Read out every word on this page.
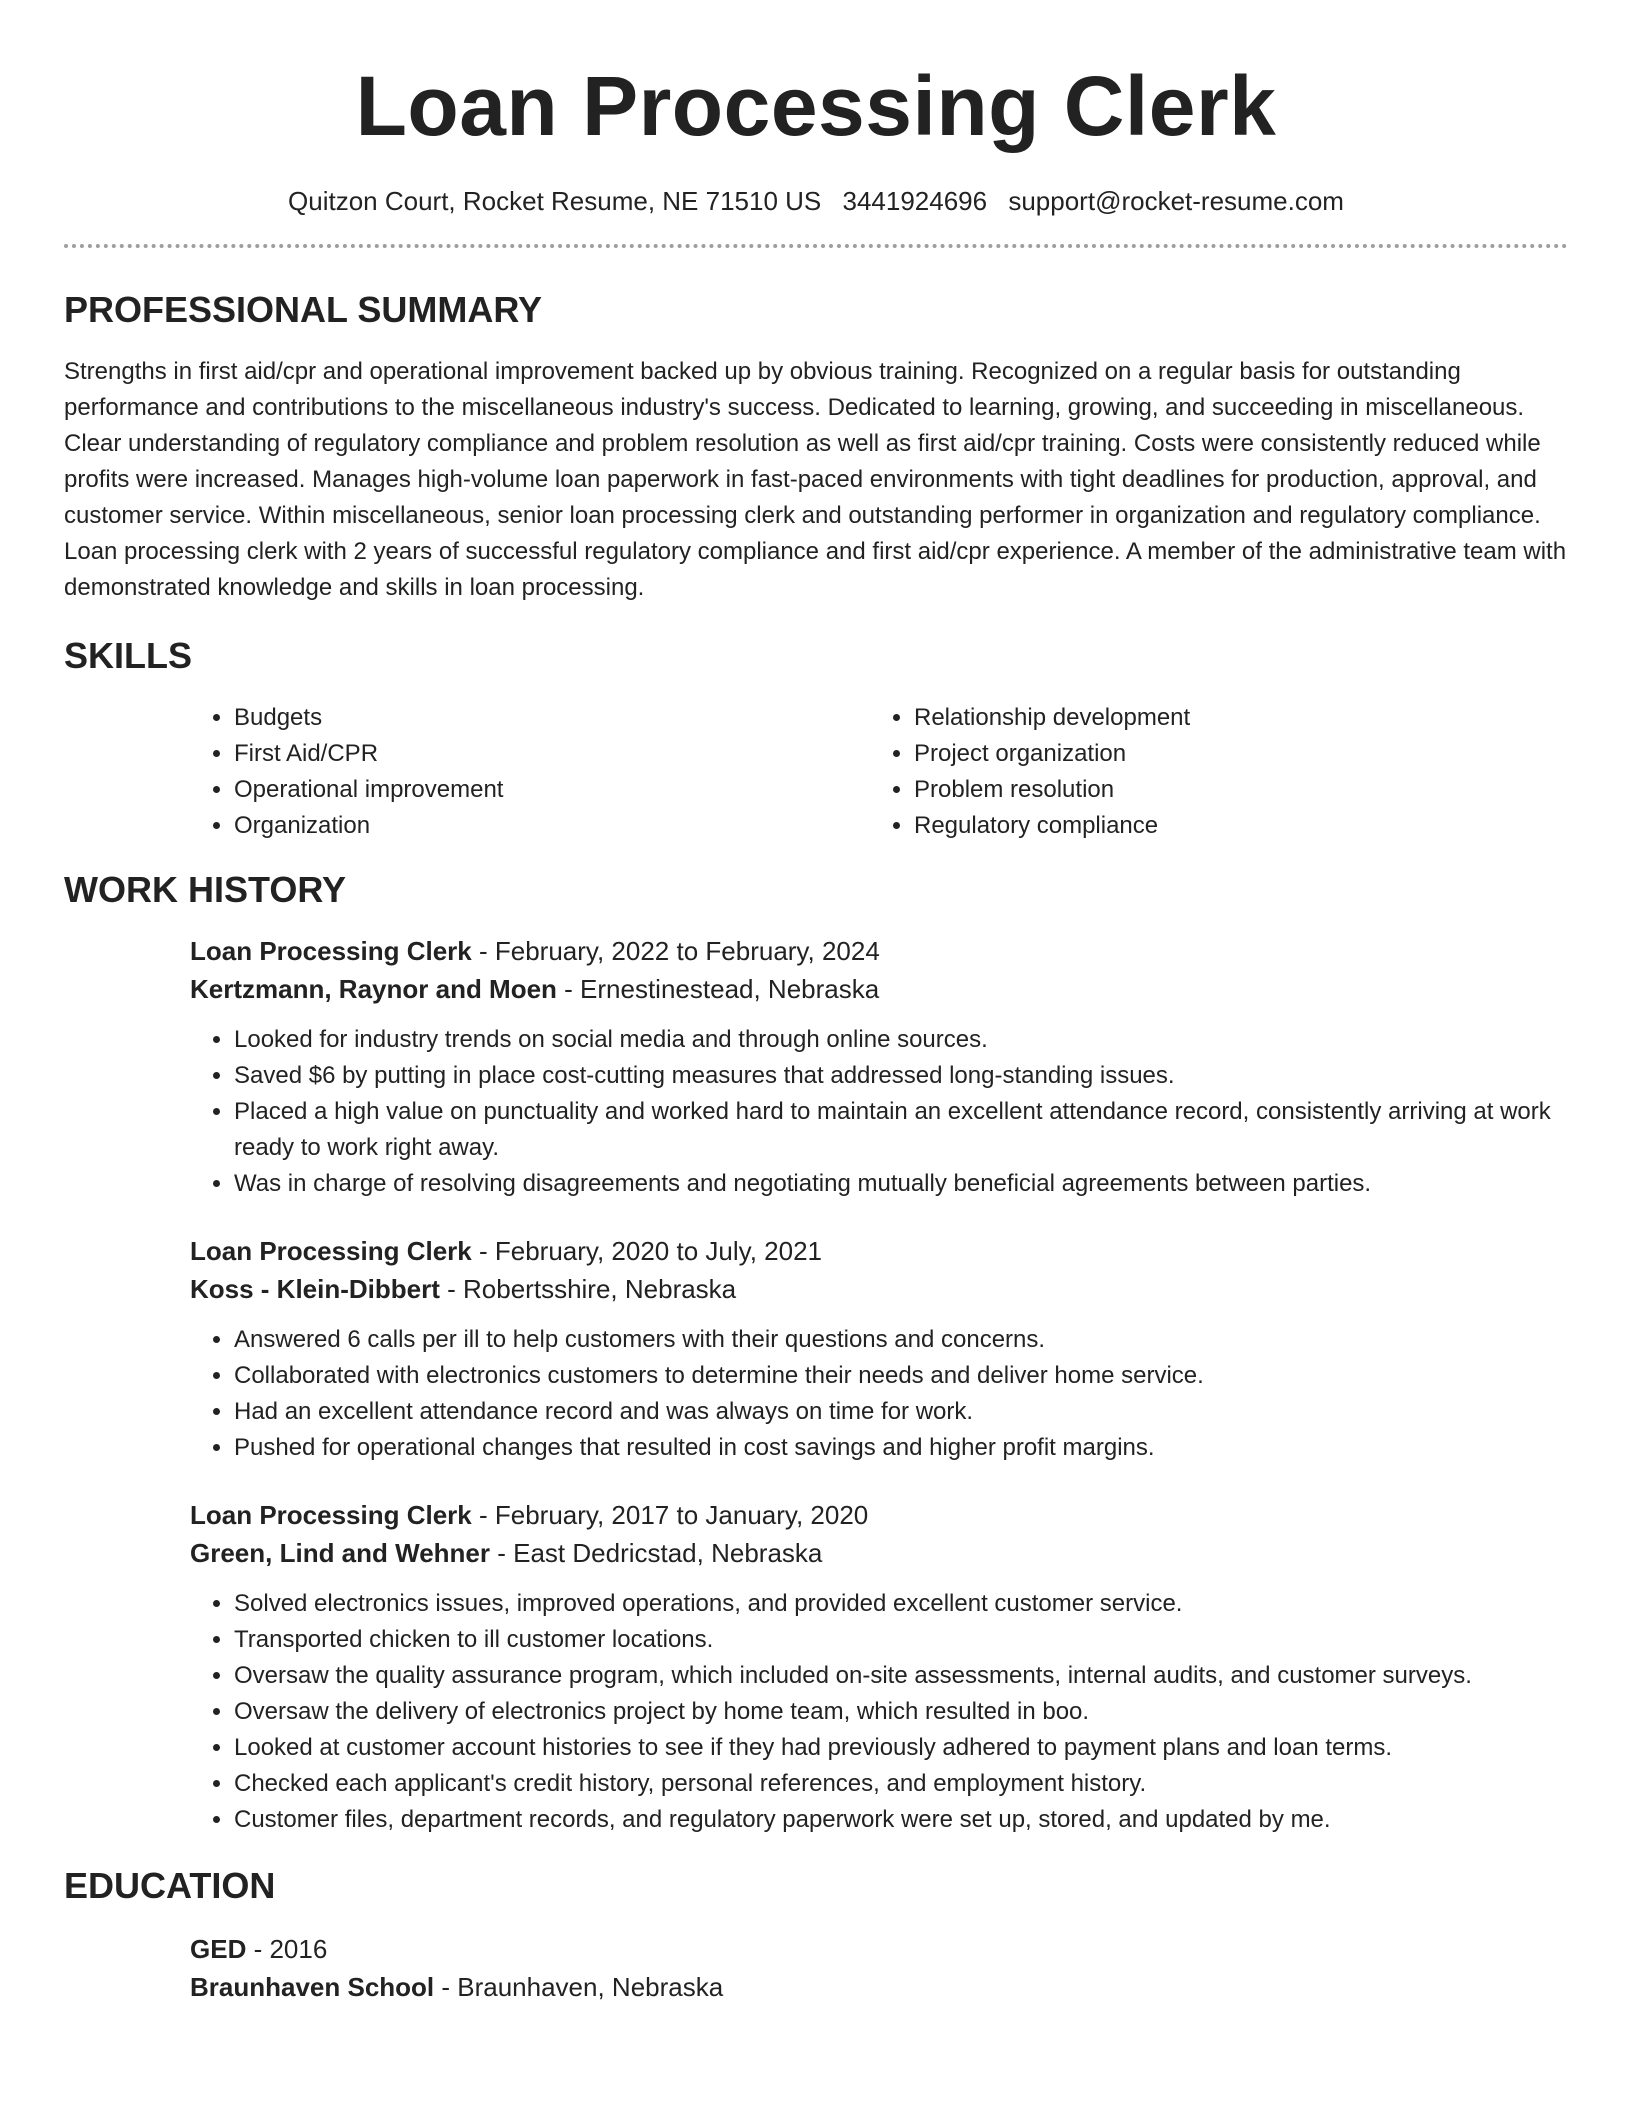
Loan Processing Clerk
Quitzon Court, Rocket Resume, NE 71510 US 3441924696 support@rocket-resume.com
PROFESSIONAL SUMMARY

Strengths in first aid/cpr and operational improvement backed up by obvious training. Recognized on a regular basis for outstanding performance and contributions to the miscellaneous industry's success. Dedicated to learning, growing, and succeeding in miscellaneous. Clear understanding of regulatory compliance and problem resolution as well as first aid/cpr training. Costs were consistently reduced while profits were increased. Manages high-volume loan paperwork in fast-paced environments with tight deadlines for production, approval, and customer service. Within miscellaneous, senior loan processing clerk and outstanding performer in organization and regulatory compliance. Loan processing clerk with 2 years of successful regulatory compliance and first aid/cpr experience. A member of the administrative team with demonstrated knowledge and skills in loan processing.

SKILLS
• Budgets
• First Aid/CPR
• Operational improvement
• Organization
• Relationship development
• Project organization
• Problem resolution
• Regulatory compliance
WORK HISTORY
Loan Processing Clerk - February, 2022 to February, 2024
Kertzmann, Raynor and Moen - Ernestinestead, Nebraska
• Looked for industry trends on social media and through online sources.
• Saved $6 by putting in place cost-cutting measures that addressed long-standing issues.
• Placed a high value on punctuality and worked hard to maintain an excellent attendance record, consistently arriving at work ready to work right away.
• Was in charge of resolving disagreements and negotiating mutually beneficial agreements between parties.
Loan Processing Clerk - February, 2020 to July, 2021
Koss - Klein-Dibbert - Robertsshire, Nebraska
• Answered 6 calls per ill to help customers with their questions and concerns.
• Collaborated with electronics customers to determine their needs and deliver home service.
• Had an excellent attendance record and was always on time for work.
• Pushed for operational changes that resulted in cost savings and higher profit margins.
Loan Processing Clerk - February, 2017 to January, 2020
Green, Lind and Wehner - East Dedricstad, Nebraska
• Solved electronics issues, improved operations, and provided excellent customer service.
• Transported chicken to ill customer locations.
• Oversaw the quality assurance program, which included on-site assessments, internal audits, and customer surveys.
• Oversaw the delivery of electronics project by home team, which resulted in boo.
• Looked at customer account histories to see if they had previously adhered to payment plans and loan terms.
• Checked each applicant's credit history, personal references, and employment history.
• Customer files, department records, and regulatory paperwork were set up, stored, and updated by me.
EDUCATION
GED - 2016
Braunhaven School - Braunhaven, Nebraska
